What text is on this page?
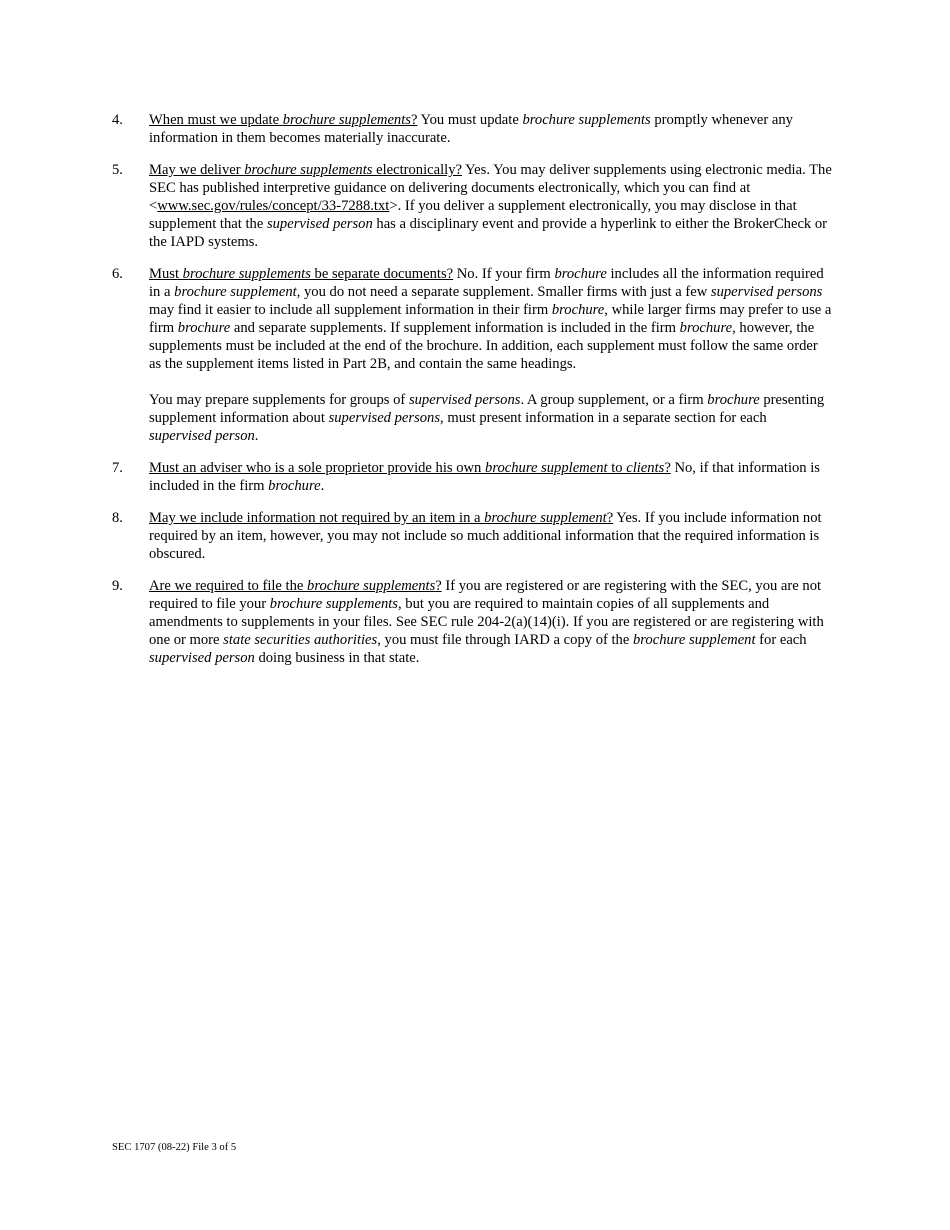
4.	When must we update brochure supplements? You must update brochure supplements promptly whenever any information in them becomes materially inaccurate.
5.	May we deliver brochure supplements electronically? Yes. You may deliver supplements using electronic media. The SEC has published interpretive guidance on delivering documents electronically, which you can find at <www.sec.gov/rules/concept/33-7288.txt>. If you deliver a supplement electronically, you may disclose in that supplement that the supervised person has a disciplinary event and provide a hyperlink to either the BrokerCheck or the IAPD systems.
6.	Must brochure supplements be separate documents? No. If your firm brochure includes all the information required in a brochure supplement, you do not need a separate supplement. Smaller firms with just a few supervised persons may find it easier to include all supplement information in their firm brochure, while larger firms may prefer to use a firm brochure and separate supplements. If supplement information is included in the firm brochure, however, the supplements must be included at the end of the brochure. In addition, each supplement must follow the same order as the supplement items listed in Part 2B, and contain the same headings.
You may prepare supplements for groups of supervised persons. A group supplement, or a firm brochure presenting supplement information about supervised persons, must present information in a separate section for each supervised person.
7.	Must an adviser who is a sole proprietor provide his own brochure supplement to clients? No, if that information is included in the firm brochure.
8.	May we include information not required by an item in a brochure supplement? Yes. If you include information not required by an item, however, you may not include so much additional information that the required information is obscured.
9.	Are we required to file the brochure supplements? If you are registered or are registering with the SEC, you are not required to file your brochure supplements, but you are required to maintain copies of all supplements and amendments to supplements in your files. See SEC rule 204-2(a)(14)(i). If you are registered or are registering with one or more state securities authorities, you must file through IARD a copy of the brochure supplement for each supervised person doing business in that state.
SEC 1707 (08-22) File 3 of 5
